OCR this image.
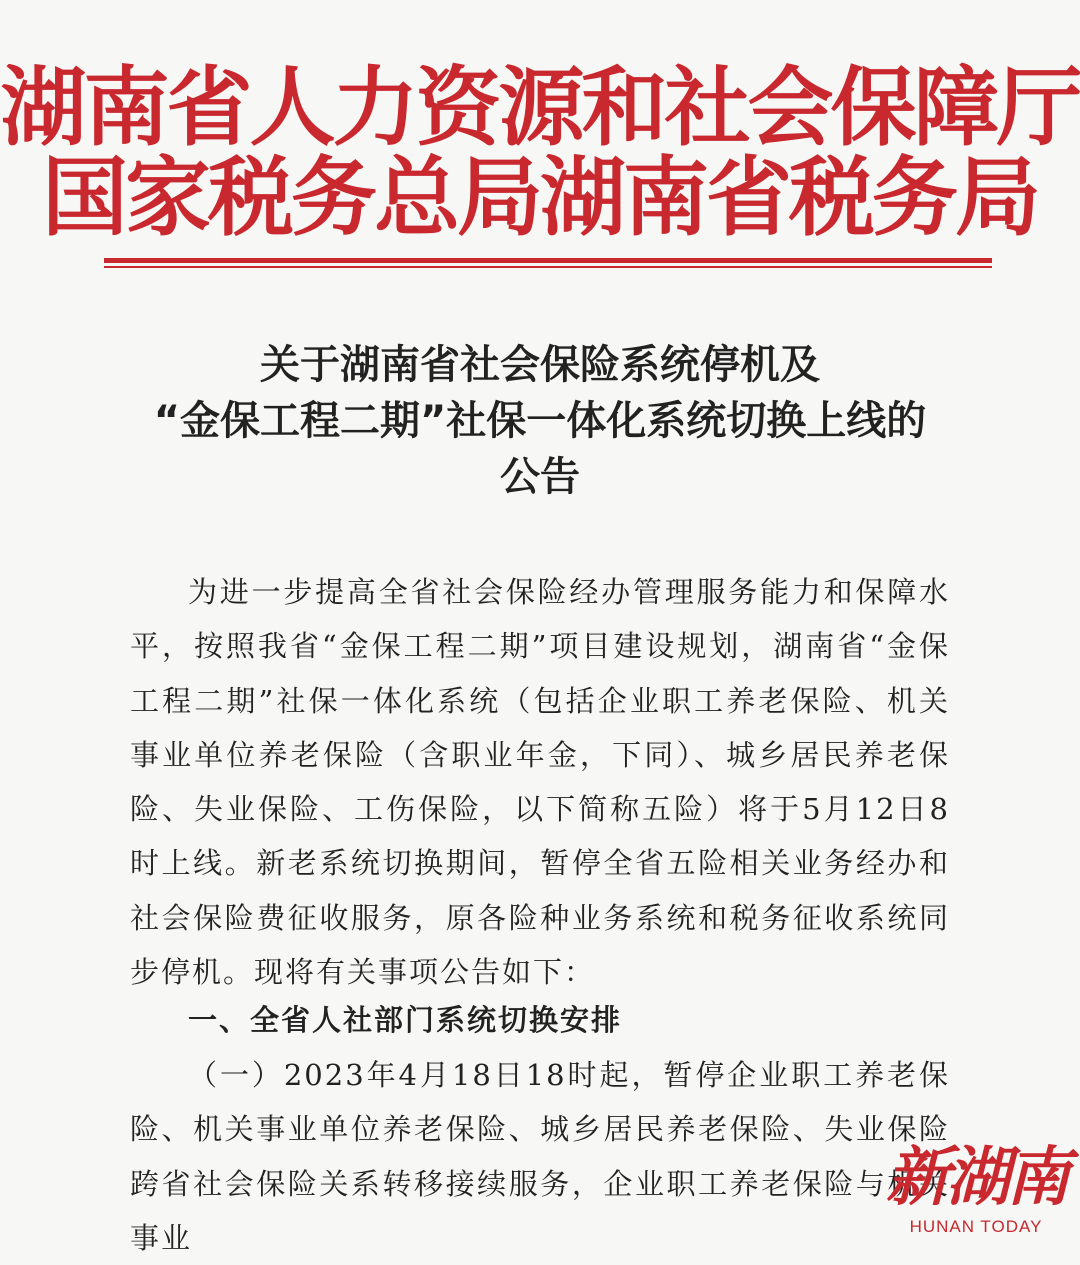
湖南省人力资源和社会保障厅
国家税务总局湖南省税务局
关于湖南省社会保险系统停机及
“金保工程二期”社保一体化系统切换上线的
公告
为进一步提高全省社会保险经办管理服务能力和保障水平，按照我省“金保工程二期”项目建设规划，湖南省“金保工程二期”社保一体化系统（包括企业职工养老保险、机关事业单位养老保险（含职业年金，下同）、城乡居民养老保险、失业保险、工伤保险，以下简称五险）将于5月12日8时上线。新老系统切换期间，暂停全省五险相关业务经办和社会保险费征收服务，原各险种业务系统和税务征收系统同步停机。现将有关事项公告如下：
一、全省人社部门系统切换安排
（一）2023年4月18日18时起，暂停企业职工养老保险、机关事业单位养老保险、城乡居民养老保险、失业保险跨省社会保险关系转移接续服务，企业职工养老保险与机关事业
新湖南
HUNAN TODAY
